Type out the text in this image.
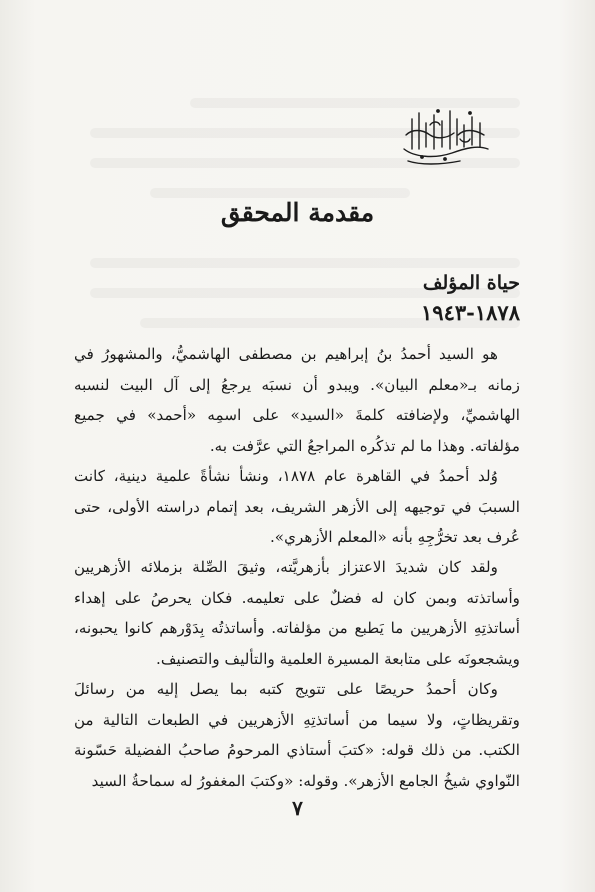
مقدمة المحقق
حياة المؤلف
١٨٧٨-١٩٤٣

هو السيد أحمدُ بنُ إبراهيم بن مصطفى الهاشميُّ، والمشهورُ في زمانه بـ«معلم البيان». ويبدو أن نسبَه يرجعُ إلى آل البيت لنسبه الهاشميِّ، ولإضافته كلمةَ «السيد» على اسمِه «أحمد» في جميع مؤلفاته. وهذا ما لم تذكُره المراجعُ التي عرَّفت به.

وُلد أحمدُ في القاهرة عام ١٨٧٨، ونشأ نشأةً علمية دينية، كانت السببَ في توجيهه إلى الأزهر الشريف، بعد إتمام دراسته الأولى، حتى عُرف بعد تخرُّجِهِ بأنه «المعلم الأزهري».

ولقد كان شديدَ الاعتزاز بأزهريَّته، وثيقَ الصِّلة بزملائه الأزهريين وأساتذته وبمن كان له فضلٌ على تعليمه. فكان يحرصُ على إهداء أساتذتِهِ الأزهريين ما يَطبع من مؤلفاته. وأساتذتُه بِدَوْرهم كانوا يحبونه، ويشجعونَه على متابعة المسيرة العلمية والتأليف والتصنيف.

وكان أحمدُ حريصًا على تتويج كتبه بما يصل إليه من رسائلَ وتقريظاتٍ، ولا سيما من أساتذتِهِ الأزهريين في الطبعات التالية من الكتب. من ذلك قوله: «كتبَ أستاذي المرحومُ صاحبُ الفضيلة حَسّونة النّواوي شيخُ الجامع الأزهر». وقوله: «وكتبَ المغفورُ له سماحةُ السيد

٧
